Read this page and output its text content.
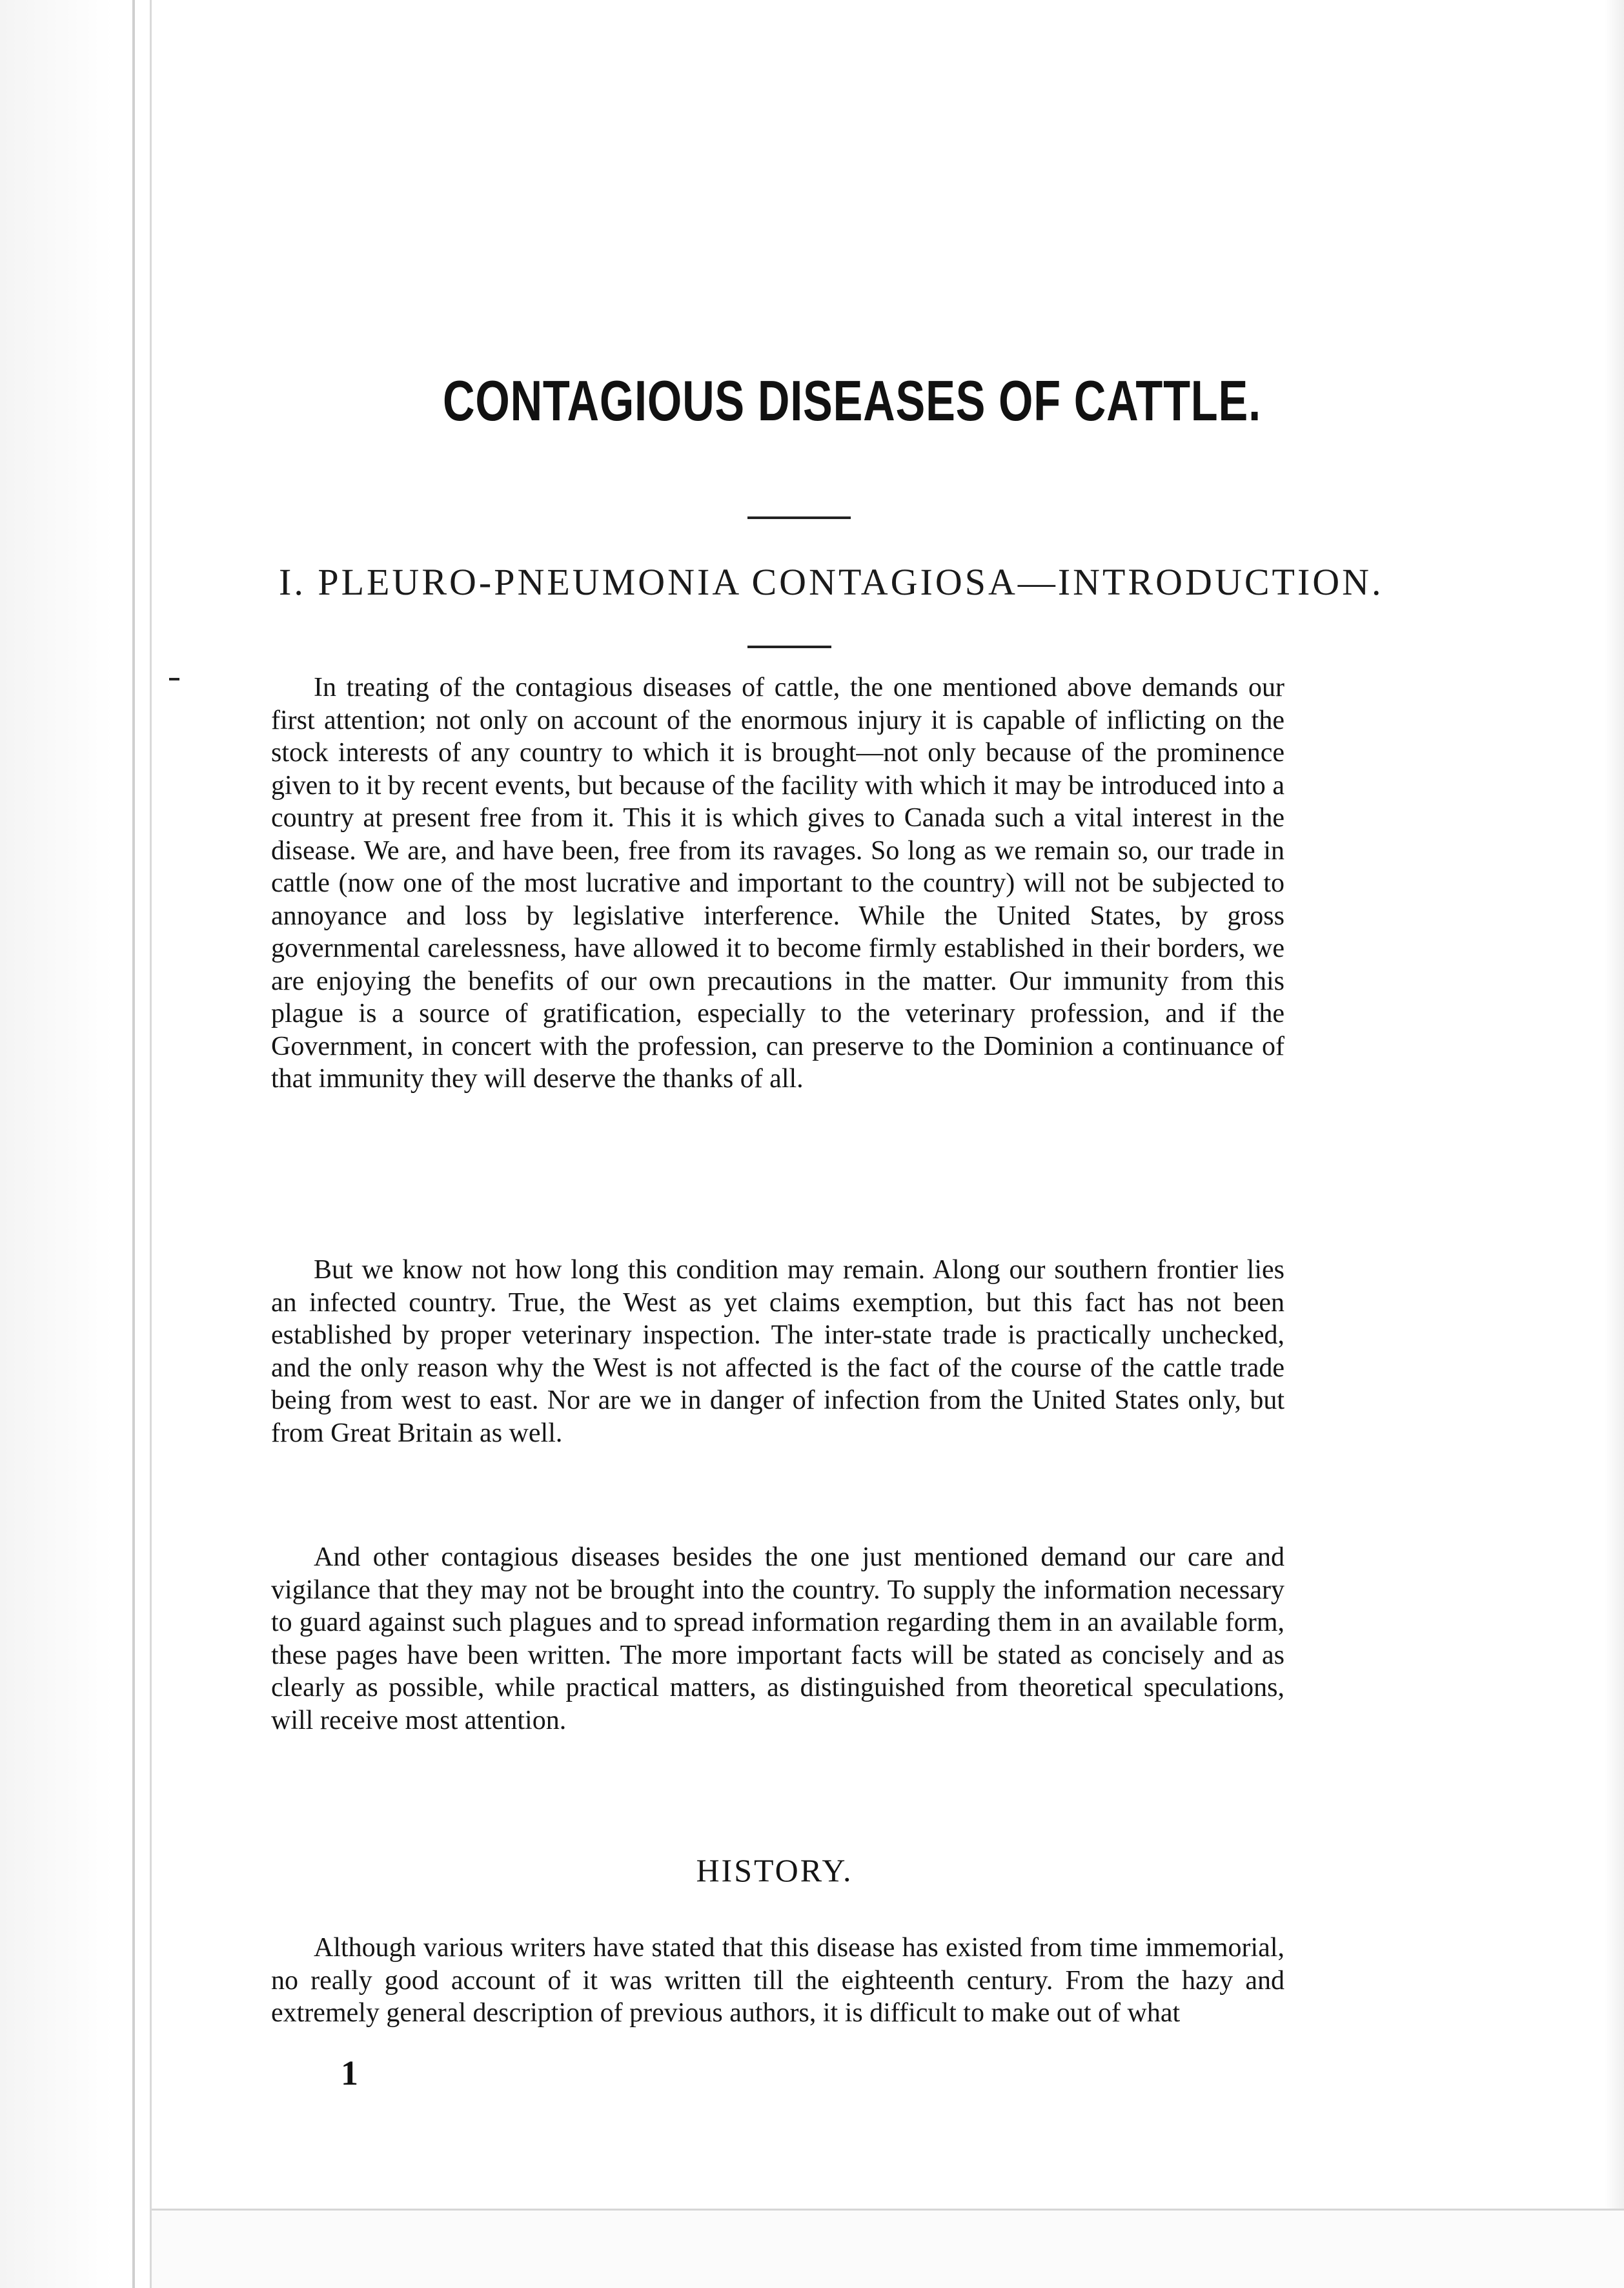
CONTAGIOUS DISEASES OF CATTLE.
I. PLEURO-PNEUMONIA CONTAGIOSA—INTRODUCTION.

In treating of the contagious diseases of cattle, the one mentioned above demands our first attention; not only on account of the enormous injury it is capable of inflicting on the stock interests of any country to which it is brought—not only because of the prominence given to it by recent events, but because of the facility with which it may be introduced into a country at present free from it. This it is which gives to Canada such a vital interest in the disease. We are, and have been, free from its ravages. So long as we remain so, our trade in cattle (now one of the most lucrative and important to the country) will not be subjected to annoyance and loss by legislative interference. While the United States, by gross governmental carelessness, have allowed it to become firmly established in their borders, we are enjoying the benefits of our own precautions in the matter. Our immunity from this plague is a source of gratification, especially to the veterinary profession, and if the Government, in concert with the profession, can preserve to the Dominion a continuance of that immunity they will deserve the thanks of all.

But we know not how long this condition may remain. Along our southern frontier lies an infected country. True, the West as yet claims exemption, but this fact has not been established by proper veterinary inspection. The inter-state trade is practically unchecked, and the only reason why the West is not affected is the fact of the course of the cattle trade being from west to east. Nor are we in danger of infection from the United States only, but from Great Britain as well.

And other contagious diseases besides the one just mentioned demand our care and vigilance that they may not be brought into the country. To supply the information necessary to guard against such plagues and to spread information regarding them in an available form, these pages have been written. The more important facts will be stated as concisely and as clearly as possible, while practical matters, as distinguished from theoretical speculations, will receive most attention.

HISTORY.

Although various writers have stated that this disease has existed from time immemorial, no really good account of it was written till the eighteenth century. From the hazy and extremely general description of previous authors, it is difficult to make out of what

1
